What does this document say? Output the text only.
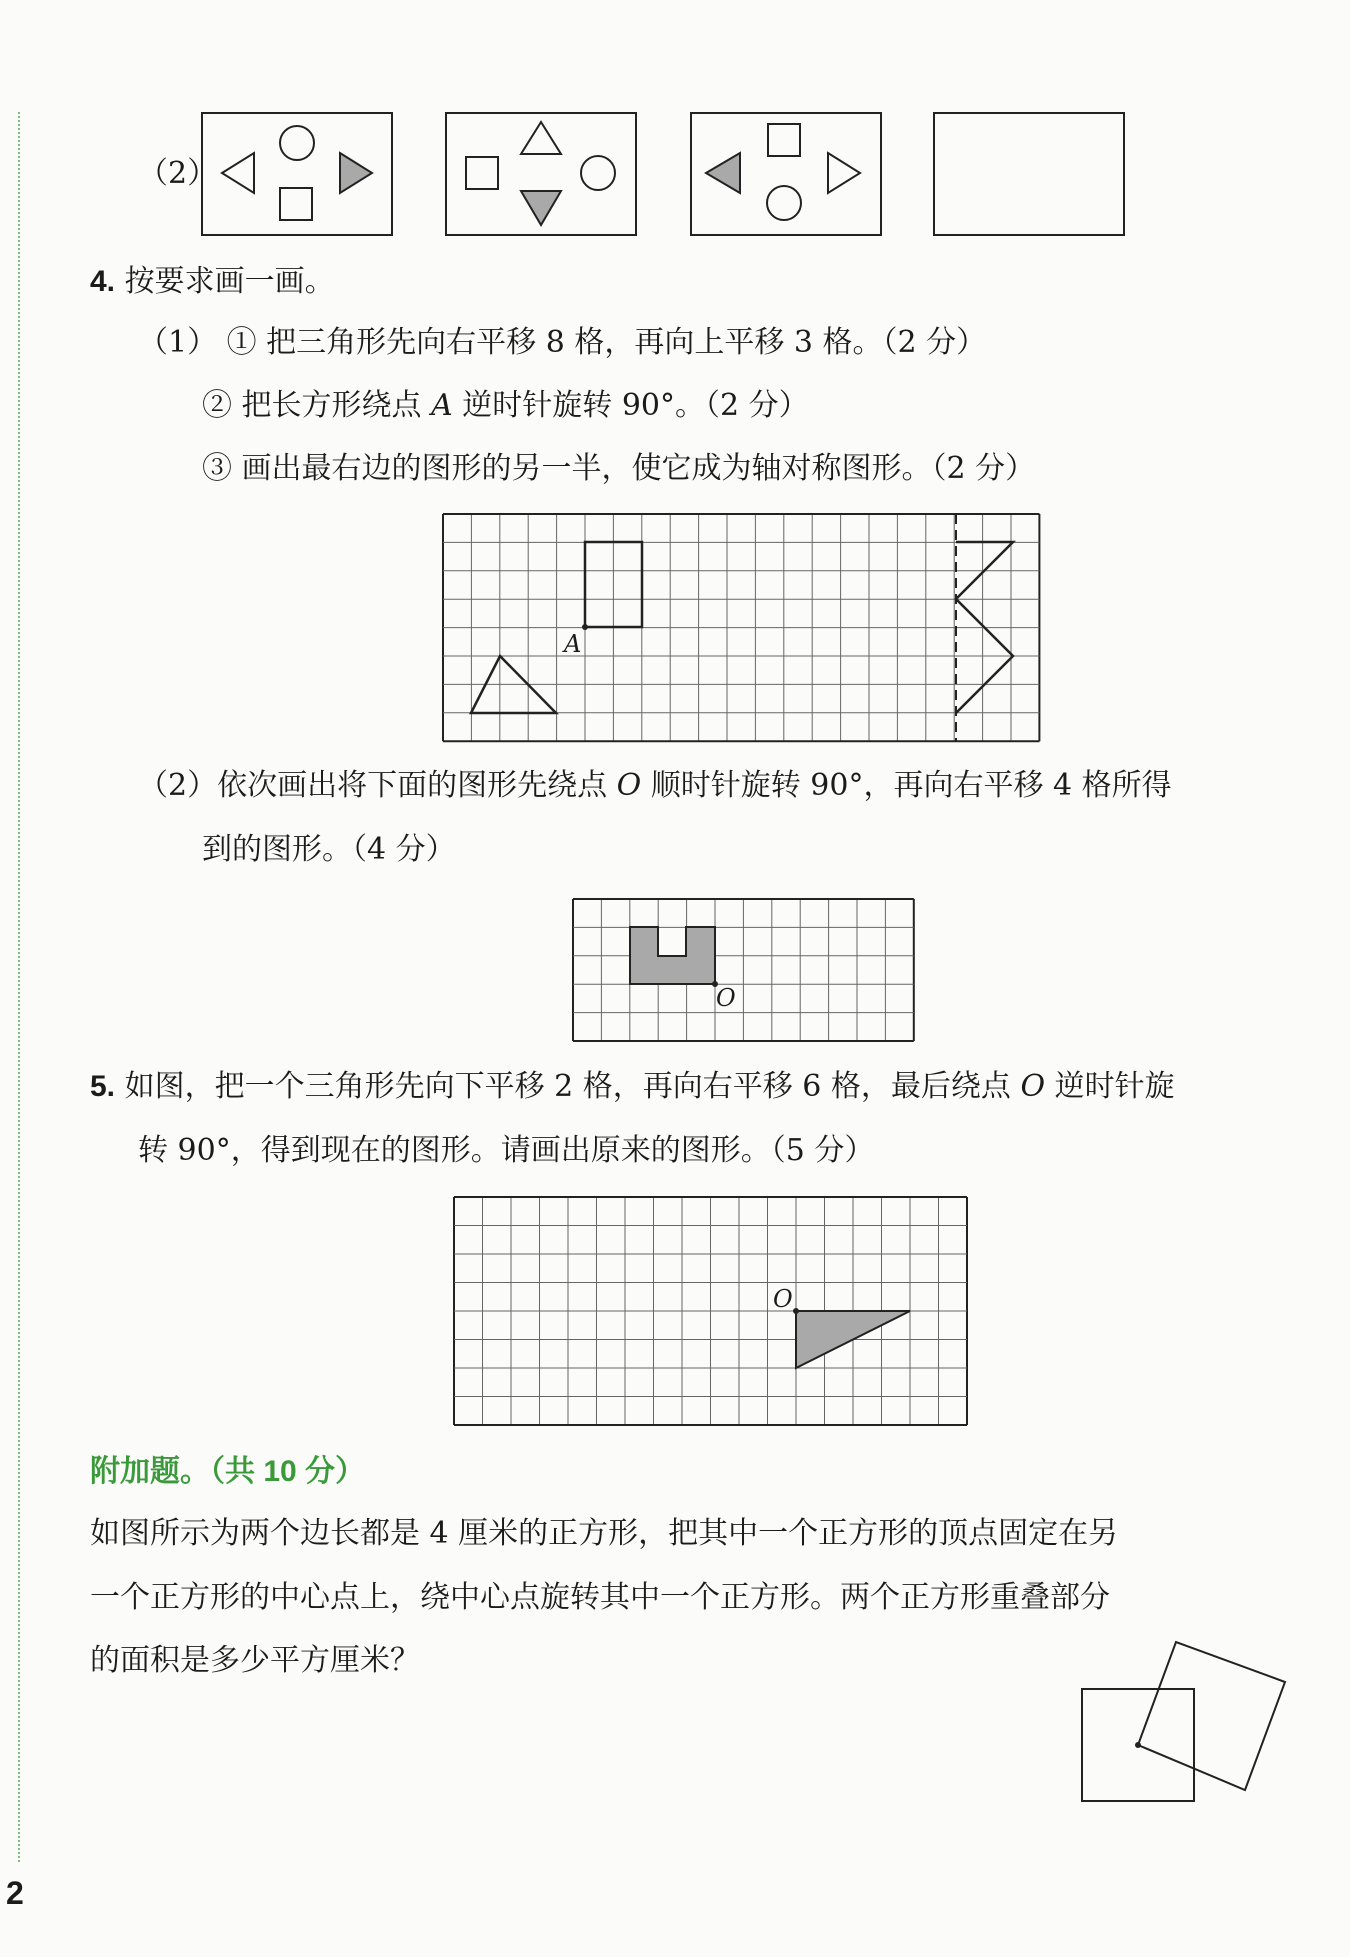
（2）
4. 按要求画一画。
（1） ① 把三角形先向右平移 8 格，再向上平移 3 格。（2 分）
② 把长方形绕点 A 逆时针旋转 90°。（2 分）
③ 画出最右边的图形的另一半，使它成为轴对称图形。（2 分）
A
（2）依次画出将下面的图形先绕点 O 顺时针旋转 90°，再向右平移 4 格所得
到的图形。（4 分）
O
5. 如图，把一个三角形先向下平移 2 格，再向右平移 6 格，最后绕点 O 逆时针旋
转 90°，得到现在的图形。请画出原来的图形。（5 分）
O
附加题。（共 10 分）
如图所示为两个边长都是 4 厘米的正方形，把其中一个正方形的顶点固定在另
一个正方形的中心点上，绕中心点旋转其中一个正方形。两个正方形重叠部分
的面积是多少平方厘米？
2
